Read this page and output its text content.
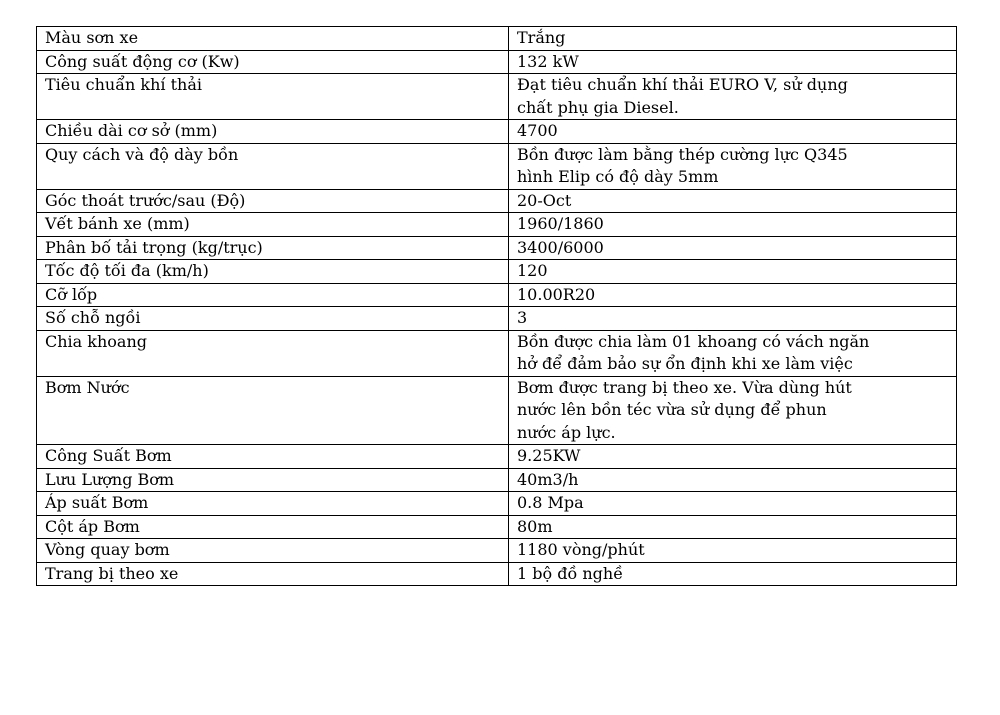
Màu sơn xe	Trắng
Công suất động cơ (Kw)	132 kW
Tiêu chuẩn khí thải	Đạt tiêu chuẩn khí thải EURO V, sử dụng
chất phụ gia Diesel.
Chiều dài cơ sở (mm)	4700
Quy cách và độ dày bồn	Bồn được làm bằng thép cường lực Q345
hình Elip có độ dày 5mm
Góc thoát trước/sau (Độ)	20-Oct
Vết bánh xe (mm)	1960/1860
Phân bố tải trọng (kg/trục)	3400/6000
Tốc độ tối đa (km/h)	120
Cỡ lốp	10.00R20
Số chỗ ngồi	3
Chia khoang	Bồn được chia làm 01 khoang có vách ngăn
hở để đảm bảo sự ổn định khi xe làm việc
Bơm Nước	Bơm được trang bị theo xe. Vừa dùng hút
nước lên bồn téc vừa sử dụng để phun
nước áp lực.
Công Suất Bơm	9.25KW
Lưu Lượng Bơm	40m3/h
Áp suất Bơm	0.8 Mpa
Cột áp Bơm	80m
Vòng quay bơm	1180 vòng/phút
Trang bị theo xe	1 bộ đồ nghề
